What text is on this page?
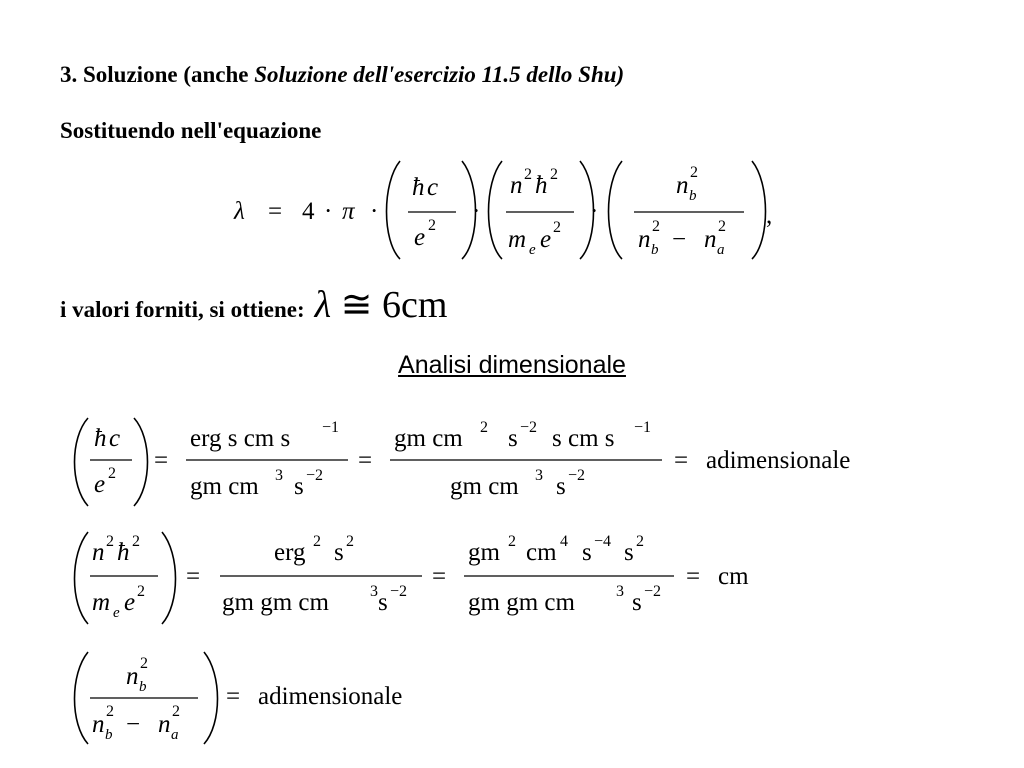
3. Soluzione (anche Soluzione dell'esercizio 11.5 dello Shu)
Sostituendo nell'equazione
λ = 4 · π ·
ħ c
e 2
·
n 2 ħ 2
m e e 2
·
n b
2
n b
2 − n a
2 ,
i valori forniti, si ottiene: λ ≅ 6cm
Analisi dimensionale
ħ c
e 2 =
erg s cm s −1
gm cm 3 s −2
=
gm cm 2 s −2 s cm s −1
gm cm 3 s −2
= adimensionale
n 2 ħ 2
m e e 2
=
erg 2 s 2
gm gm cm	3 s −2
=
gm 2 cm 4 s −4 s 2
gm gm cm	3 s −2
= cm
n b
2
n b
2 − n a
2
= adimensionale
